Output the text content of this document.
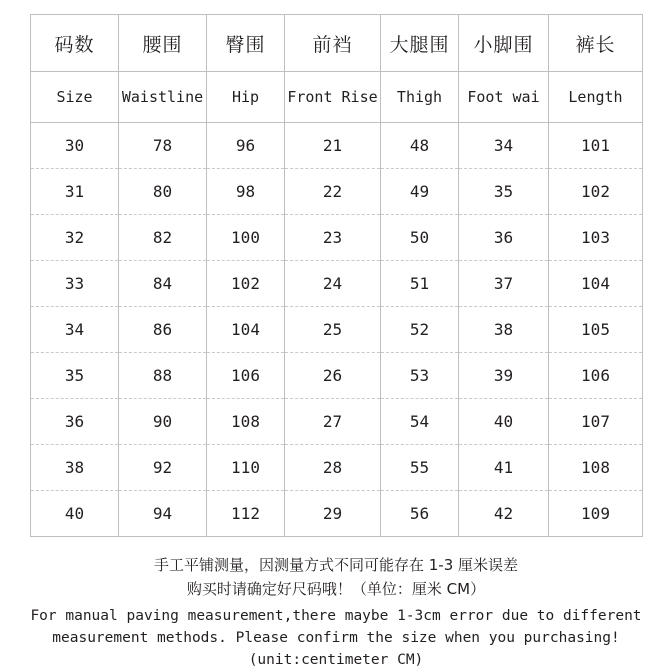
码数	腰围	臀围	前裆	大腿围	小脚围	裤长
Size	Waistline	Hip	Front Rise	Thigh	Foot wai	Length
30	78	96	21	48	34	101
31	80	98	22	49	35	102
32	82	100	23	50	36	103
33	84	102	24	51	37	104
34	86	104	25	52	38	105
35	88	106	26	53	39	106
36	90	108	27	54	40	107
38	92	110	28	55	41	108
40	94	112	29	56	42	109
手工平铺测量，因测量方式不同可能存在 1-3 厘米误差
购买时请确定好尺码哦！（单位：厘米 CM）
For manual paving measurement,there maybe 1-3cm error due to different
measurement methods. Please confirm the size when you purchasing!
(unit:centimeter CM)
